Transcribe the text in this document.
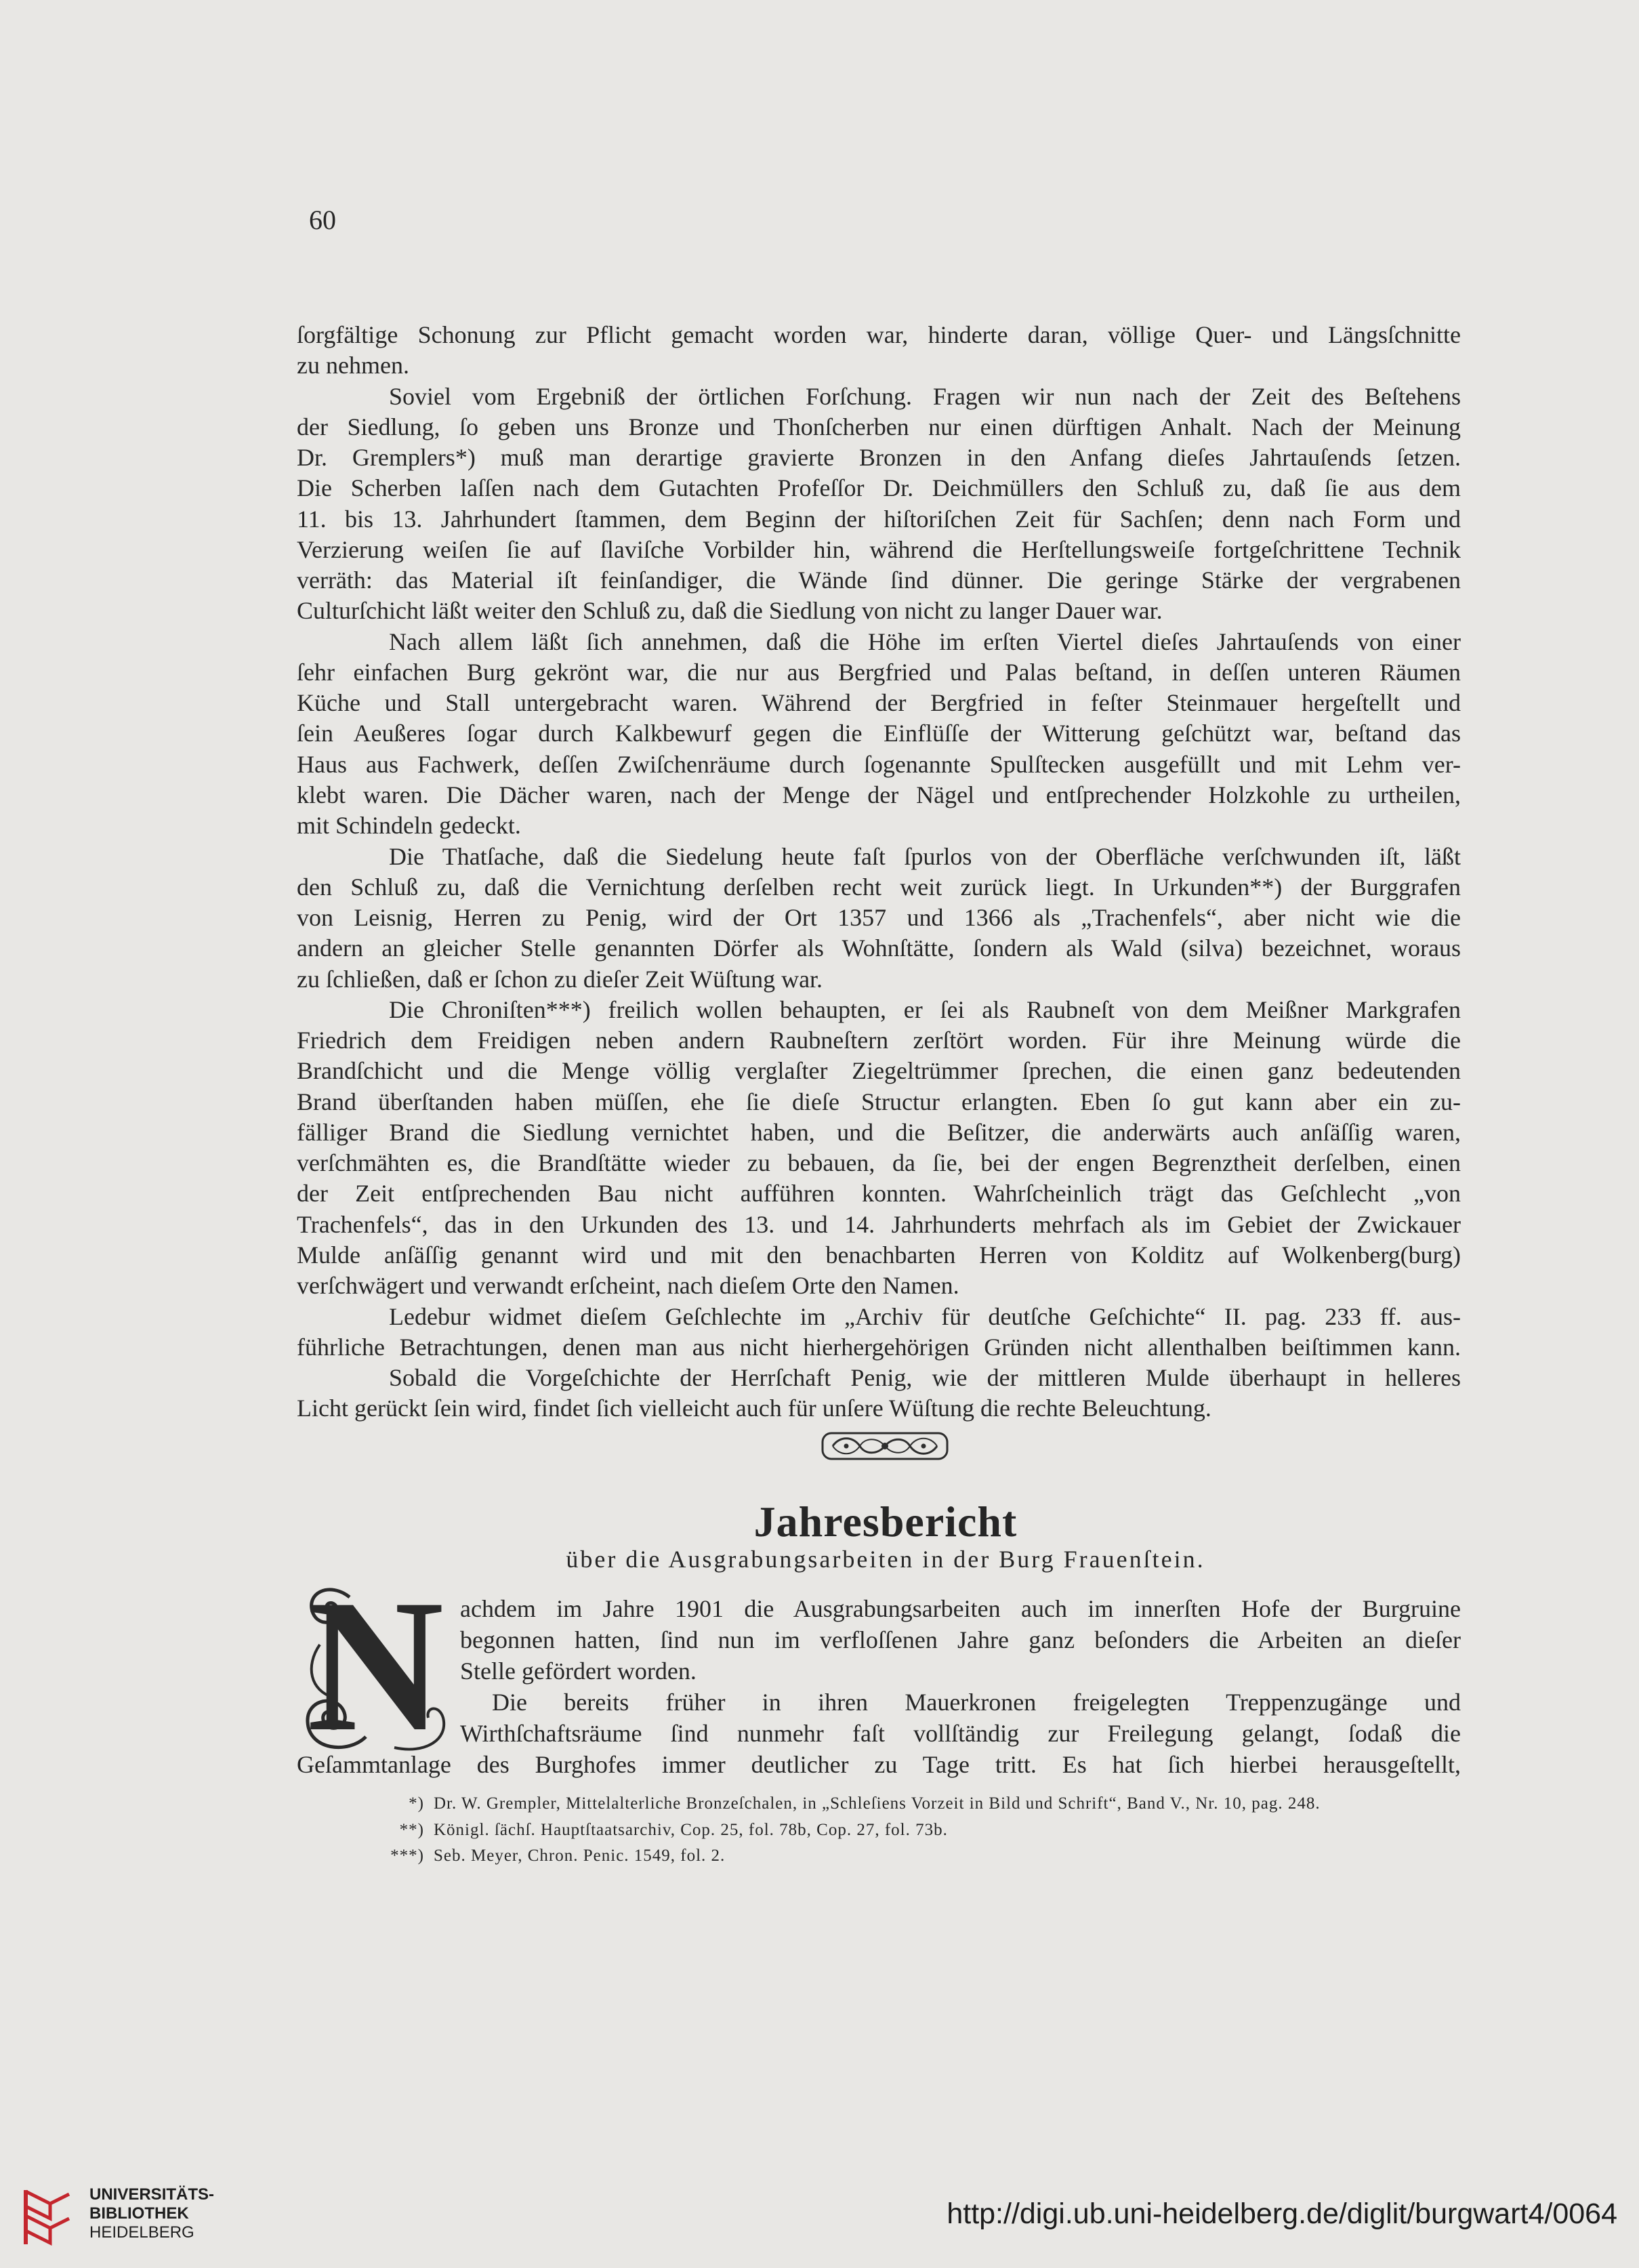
60
ſorgfältige Schonung zur Pflicht gemacht worden war, hinderte daran, völlige Quer- und Längsſchnitte
zu nehmen.
Soviel vom Ergebniß der örtlichen Forſchung. Fragen wir nun nach der Zeit des Beſtehens
der Siedlung, ſo geben uns Bronze und Thonſcherben nur einen dürftigen Anhalt. Nach der Meinung
Dr. Gremplers*) muß man derartige gravierte Bronzen in den Anfang dieſes Jahrtauſends ſetzen.
Die Scherben laſſen nach dem Gutachten Profeſſor Dr. Deichmüllers den Schluß zu, daß ſie aus dem
11. bis 13. Jahrhundert ſtammen, dem Beginn der hiſtoriſchen Zeit für Sachſen; denn nach Form und
Verzierung weiſen ſie auf ſlaviſche Vorbilder hin, während die Herſtellungsweiſe fortgeſchrittene Technik
verräth: das Material iſt feinſandiger, die Wände ſind dünner. Die geringe Stärke der vergrabenen
Culturſchicht läßt weiter den Schluß zu, daß die Siedlung von nicht zu langer Dauer war.
Nach allem läßt ſich annehmen, daß die Höhe im erſten Viertel dieſes Jahrtauſends von einer
ſehr einfachen Burg gekrönt war, die nur aus Bergfried und Palas beſtand, in deſſen unteren Räumen
Küche und Stall untergebracht waren. Während der Bergfried in feſter Steinmauer hergeſtellt und
ſein Aeußeres ſogar durch Kalkbewurf gegen die Einflüſſe der Witterung geſchützt war, beſtand das
Haus aus Fachwerk, deſſen Zwiſchenräume durch ſogenannte Spulſtecken ausgefüllt und mit Lehm ver-
klebt waren. Die Dächer waren, nach der Menge der Nägel und entſprechender Holzkohle zu urtheilen,
mit Schindeln gedeckt.
Die Thatſache, daß die Siedelung heute faſt ſpurlos von der Oberfläche verſchwunden iſt, läßt
den Schluß zu, daß die Vernichtung derſelben recht weit zurück liegt. In Urkunden**) der Burggrafen
von Leisnig, Herren zu Penig, wird der Ort 1357 und 1366 als „Trachenfels“, aber nicht wie die
andern an gleicher Stelle genannten Dörfer als Wohnſtätte, ſondern als Wald (silva) bezeichnet, woraus
zu ſchließen, daß er ſchon zu dieſer Zeit Wüſtung war.
Die Chroniſten***) freilich wollen behaupten, er ſei als Raubneſt von dem Meißner Markgrafen
Friedrich dem Freidigen neben andern Raubneſtern zerſtört worden. Für ihre Meinung würde die
Brandſchicht und die Menge völlig verglaſter Ziegeltrümmer ſprechen, die einen ganz bedeutenden
Brand überſtanden haben müſſen, ehe ſie dieſe Structur erlangten. Eben ſo gut kann aber ein zu-
fälliger Brand die Siedlung vernichtet haben, und die Beſitzer, die anderwärts auch anſäſſig waren,
verſchmähten es, die Brandſtätte wieder zu bebauen, da ſie, bei der engen Begrenztheit derſelben, einen
der Zeit entſprechenden Bau nicht aufführen konnten. Wahrſcheinlich trägt das Geſchlecht „von
Trachenfels“, das in den Urkunden des 13. und 14. Jahrhunderts mehrfach als im Gebiet der Zwickauer
Mulde anſäſſig genannt wird und mit den benachbarten Herren von Kolditz auf Wolkenberg(burg)
verſchwägert und verwandt erſcheint, nach dieſem Orte den Namen.
Ledebur widmet dieſem Geſchlechte im „Archiv für deutſche Geſchichte“ II. pag. 233 ff. aus-
führliche Betrachtungen, denen man aus nicht hierhergehörigen Gründen nicht allenthalben beiſtimmen kann.
Sobald die Vorgeſchichte der Herrſchaft Penig, wie der mittleren Mulde überhaupt in helleres
Licht gerückt ſein wird, findet ſich vielleicht auch für unſere Wüſtung die rechte Beleuchtung.
Jahresbericht
über die Ausgrabungsarbeiten in der Burg Frauenſtein.
N achdem im Jahre 1901 die Ausgrabungsarbeiten auch im innerſten Hofe der Burgruine
begonnen hatten, ſind nun im verfloſſenen Jahre ganz beſonders die Arbeiten an dieſer
Stelle gefördert worden.
Die bereits früher in ihren Mauerkronen freigelegten Treppenzugänge und
Wirthſchaftsräume ſind nunmehr faſt vollſtändig zur Freilegung gelangt, ſodaß die
Geſammtanlage des Burghofes immer deutlicher zu Tage tritt. Es hat ſich hierbei herausgeſtellt,
*) Dr. W. Grempler, Mittelalterliche Bronzeſchalen, in „Schleſiens Vorzeit in Bild und Schrift“, Band V., Nr. 10, pag. 248.
**) Königl. ſächſ. Hauptſtaatsarchiv, Cop. 25, fol. 78b, Cop. 27, fol. 73b.
***) Seb. Meyer, Chron. Penic. 1549, fol. 2.
UNIVERSITÄTS-
BIBLIOTHEK
HEIDELBERG
http://digi.ub.uni-heidelberg.de/diglit/burgwart4/0064
